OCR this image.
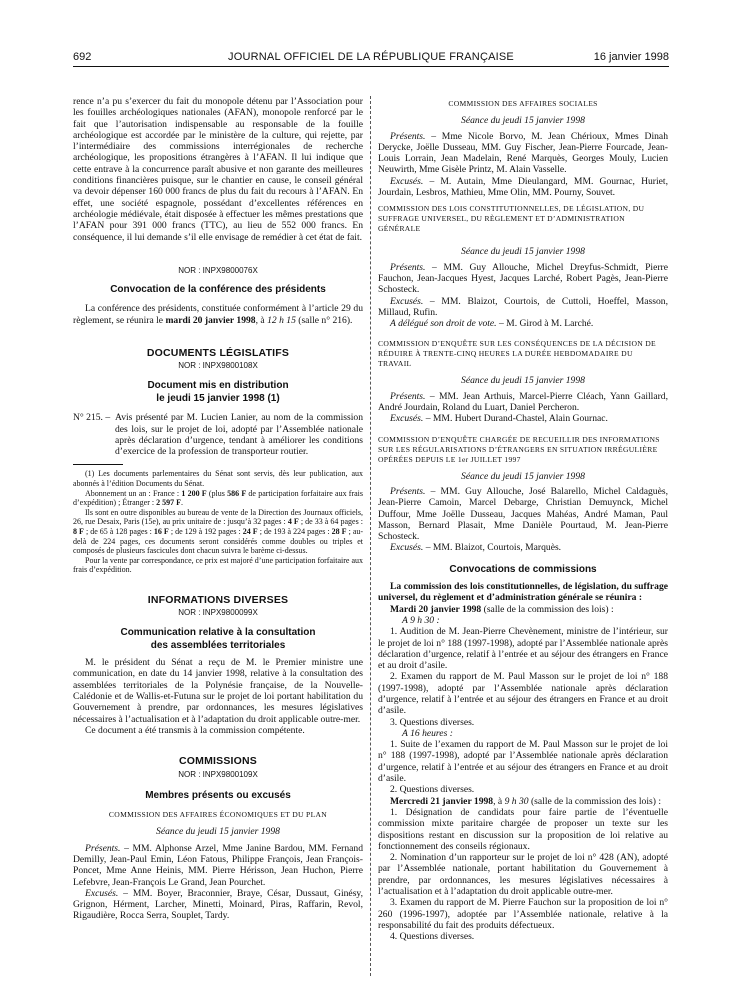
692	JOURNAL OFFICIEL DE LA RÉPUBLIQUE FRANÇAISE	16 janvier 1998

rence n’a pu s’exercer du fait du monopole détenu par l’Association pour les fouilles archéologiques nationales (AFAN), monopole renforcé par le fait que l’autorisation indispensable au responsable de la fouille archéologique est accordée par le ministère de la culture, qui rejette, par l’intermédiaire des commissions interrégionales de recherche archéologique, les propositions étrangères à l’AFAN. Il lui indique que cette entrave à la concurrence paraît abusive et non garante des meilleures conditions financières puisque, sur le chantier en cause, le conseil général va devoir dépenser 160 000 francs de plus du fait du recours à l’AFAN. En effet, une société espagnole, possédant d’excellentes références en archéologie médiévale, était disposée à effectuer les mêmes prestations que l’AFAN pour 391 000 francs (TTC), au lieu de 552 000 francs. En conséquence, il lui demande s’il elle envisage de remédier à cet état de fait.

NOR : INPX9800076X
Convocation de la conférence des présidents

La conférence des présidents, constituée conformément à l’article 29 du règlement, se réunira le mardi 20 janvier 1998, à 12 h 15 (salle n° 216).

DOCUMENTS LÉGISLATIFS
NOR : INPX9800108X
Document mis en distribution
le jeudi 15 janvier 1998 (1)
N° 215. – Avis présenté par M. Lucien Lanier, au nom de la commission des lois, sur le projet de loi, adopté par l’Assemblée nationale après déclaration d’urgence, tendant à améliorer les conditions d’exercice de la profession de transporteur routier.

(1) Les documents parlementaires du Sénat sont servis, dès leur publication, aux abonnés à l’édition Documents du Sénat.

Abonnement un an : France : 1 200 F (plus 586 F de participation forfaitaire aux frais d’expédition) ; Étranger : 2 597 F.

Ils sont en outre disponibles au bureau de vente de la Direction des Journaux officiels, 26, rue Desaix, Paris (15e), au prix unitaire de : jusqu’à 32 pages : 4 F ; de 33 à 64 pages : 8 F ; de 65 à 128 pages : 16 F ; de 129 à 192 pages : 24 F ; de 193 à 224 pages : 28 F ; au-delà de 224 pages, ces documents seront considérés comme doubles ou triples et composés de plusieurs fascicules dont chacun suivra le barème ci-dessus.

Pour la vente par correspondance, ce prix est majoré d’une participation forfaitaire aux frais d’expédition.

INFORMATIONS DIVERSES
NOR : INPX9800099X
Communication relative à la consultation
des assemblées territoriales

M. le président du Sénat a reçu de M. le Premier ministre une communication, en date du 14 janvier 1998, relative à la consultation des assemblées territoriales de la Polynésie française, de la Nouvelle-Calédonie et de Wallis-et-Futuna sur le projet de loi portant habilitation du Gouvernement à prendre, par ordonnances, les mesures législatives nécessaires à l’actualisation et à l’adaptation du droit applicable outre-mer.

Ce document a été transmis à la commission compétente.

COMMISSIONS
NOR : INPX9800109X
Membres présents ou excusés
COMMISSION DES AFFAIRES ÉCONOMIQUES ET DU PLAN

Séance du jeudi 15 janvier 1998

Présents. – MM. Alphonse Arzel, Mme Janine Bardou, MM. Fernand Demilly, Jean-Paul Emin, Léon Fatous, Philippe François, Jean François-Poncet, Mme Anne Heinis, MM. Pierre Hérisson, Jean Huchon, Pierre Lefebvre, Jean-François Le Grand, Jean Pourchet.

Excusés. – MM. Boyer, Braconnier, Braye, César, Dussaut, Ginésy, Grignon, Hérment, Larcher, Minetti, Moinard, Piras, Raffarin, Revol, Rigaudière, Rocca Serra, Souplet, Tardy.

COMMISSION DES AFFAIRES SOCIALES

Séance du jeudi 15 janvier 1998

Présents. – Mme Nicole Borvo, M. Jean Chérioux, Mmes Dinah Derycke, Joëlle Dusseau, MM. Guy Fischer, Jean-Pierre Fourcade, Jean-Louis Lorrain, Jean Madelain, René Marquès, Georges Mouly, Lucien Neuwirth, Mme Gisèle Printz, M. Alain Vasselle.

Excusés. – M. Autain, Mme Dieulangard, MM. Gournac, Huriet, Jourdain, Lesbros, Mathieu, Mme Olin, MM. Pourny, Souvet.

COMMISSION DES LOIS CONSTITUTIONNELLES, DE LÉGISLATION, DU SUFFRAGE UNIVERSEL, DU RÈGLEMENT ET D’ADMINISTRATION GÉNÉRALE

Séance du jeudi 15 janvier 1998

Présents. – MM. Guy Allouche, Michel Dreyfus-Schmidt, Pierre Fauchon, Jean-Jacques Hyest, Jacques Larché, Robert Pagès, Jean-Pierre Schosteck.

Excusés. – MM. Blaizot, Courtois, de Cuttoli, Hoeffel, Masson, Millaud, Rufin.

A délégué son droit de vote. – M. Girod à M. Larché.

COMMISSION D’ENQUÊTE SUR LES CONSÉQUENCES DE LA DÉCISION DE RÉDUIRE À TRENTE-CINQ HEURES LA DURÉE HEBDOMADAIRE DU TRAVAIL

Séance du jeudi 15 janvier 1998

Présents. – MM. Jean Arthuis, Marcel-Pierre Cléach, Yann Gaillard, André Jourdain, Roland du Luart, Daniel Percheron.

Excusés. – MM. Hubert Durand-Chastel, Alain Gournac.

COMMISSION D’ENQUÊTE CHARGÉE DE RECUEILLIR DES INFORMATIONS SUR LES RÉGULARISATIONS D’ÉTRANGERS EN SITUATION IRRÉGULIÈRE OPÉRÉES DEPUIS LE 1er JUILLET 1997

Séance du jeudi 15 janvier 1998

Présents. – MM. Guy Allouche, José Balarello, Michel Caldaguès, Jean-Pierre Camoin, Marcel Debarge, Christian Demuynck, Michel Duffour, Mme Joëlle Dusseau, Jacques Mahéas, André Maman, Paul Masson, Bernard Plasait, Mme Danièle Pourtaud, M. Jean-Pierre Schosteck.

Excusés. – MM. Blaizot, Courtois, Marquès.

Convocations de commissions

La commission des lois constitutionnelles, de législation, du suffrage universel, du règlement et d’administration générale se réunira :

Mardi 20 janvier 1998 (salle de la commission des lois) :

A 9 h 30 :

1. Audition de M. Jean-Pierre Chevènement, ministre de l’intérieur, sur le projet de loi n° 188 (1997-1998), adopté par l’Assemblée nationale après déclaration d’urgence, relatif à l’entrée et au séjour des étrangers en France et au droit d’asile.

2. Examen du rapport de M. Paul Masson sur le projet de loi n° 188 (1997-1998), adopté par l’Assemblée nationale après déclaration d’urgence, relatif à l’entrée et au séjour des étrangers en France et au droit d’asile.

3. Questions diverses.

A 16 heures :

1. Suite de l’examen du rapport de M. Paul Masson sur le projet de loi n° 188 (1997-1998), adopté par l’Assemblée nationale après déclaration d’urgence, relatif à l’entrée et au séjour des étrangers en France et au droit d’asile.

2. Questions diverses.

Mercredi 21 janvier 1998, à 9 h 30 (salle de la commission des lois) :

1. Désignation de candidats pour faire partie de l’éventuelle commission mixte paritaire chargée de proposer un texte sur les dispositions restant en discussion sur la proposition de loi relative au fonctionnement des conseils régionaux.

2. Nomination d’un rapporteur sur le projet de loi n° 428 (AN), adopté par l’Assemblée nationale, portant habilitation du Gouvernement à prendre, par ordonnances, les mesures législatives nécessaires à l’actualisation et à l’adaptation du droit applicable outre-mer.

3. Examen du rapport de M. Pierre Fauchon sur la proposition de loi n° 260 (1996-1997), adoptée par l’Assemblée nationale, relative à la responsabilité du fait des produits défectueux.

4. Questions diverses.
